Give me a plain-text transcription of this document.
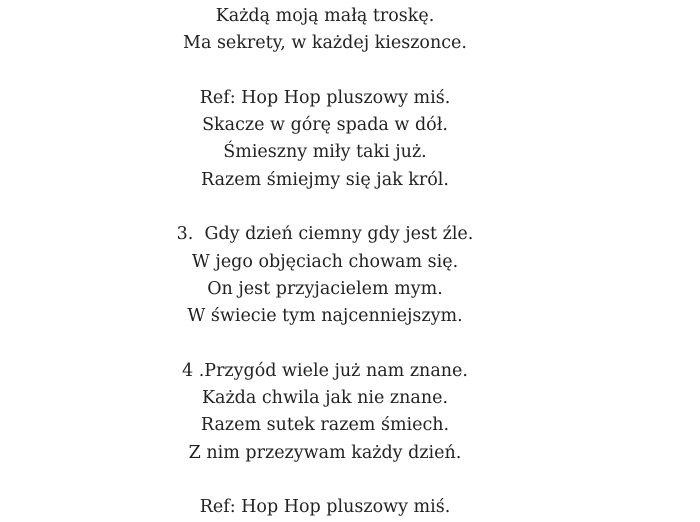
Każdą moją małą troskę.
Ma sekrety, w każdej kieszonce.
Ref: Hop Hop pluszowy miś.
Skacze w górę spada w dół.
Śmieszny miły taki już.
Razem śmiejmy się jak król.
3.  Gdy dzień ciemny gdy jest źle.
W jego objęciach chowam się.
On jest przyjacielem mym.
W świecie tym najcenniejszym.
4 .Przygód wiele już nam znane.
Każda chwila jak nie znane.
Razem sutek razem śmiech.
Z nim przezywam każdy dzień.
Ref: Hop Hop pluszowy miś.
